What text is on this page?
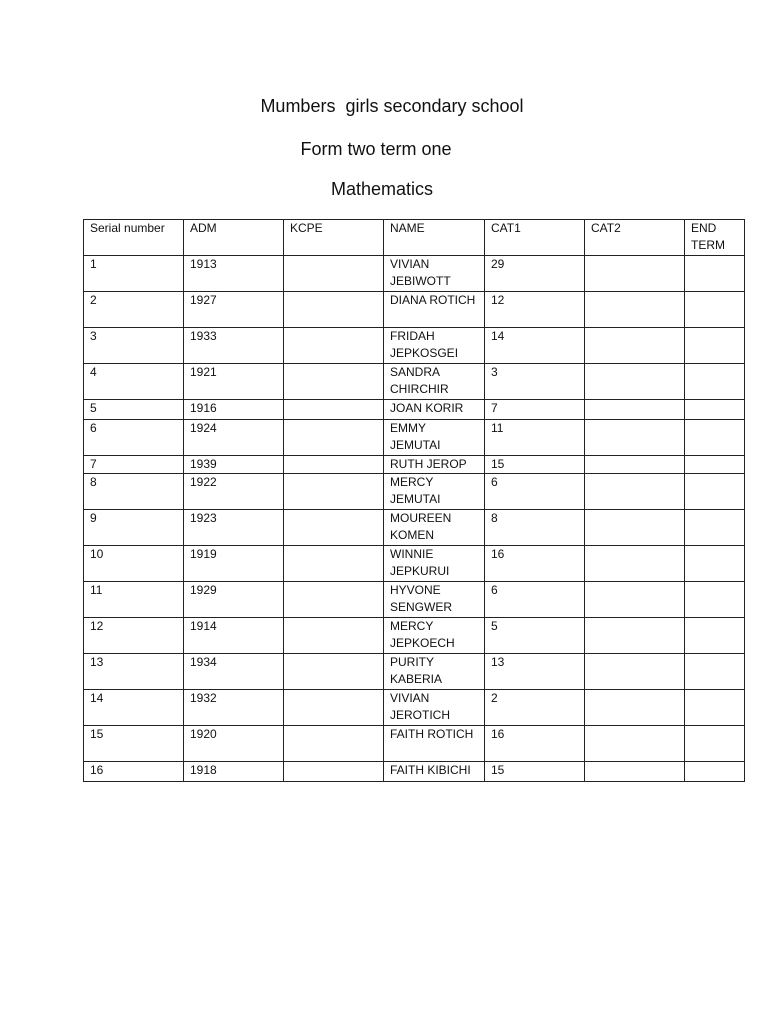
Mumbers  girls secondary school
Form two term one
Mathematics
Serial number	ADM	KCPE	NAME	CAT1	CAT2	END TERM
1	1913		VIVIAN JEBIWOTT	29		
2	1927		DIANA ROTICH	12		
3	1933		FRIDAH JEPKOSGEI	14		
4	1921		SANDRA CHIRCHIR	3		
5	1916		JOAN KORIR	7		
6	1924		EMMY JEMUTAI	11		
7	1939		RUTH JEROP	15		
8	1922		MERCY JEMUTAI	6		
9	1923		MOUREEN KOMEN	8		
10	1919		WINNIE JEPKURUI	16		
11	1929		HYVONE SENGWER	6		
12	1914		MERCY JEPKOECH	5		
13	1934		PURITY KABERIA	13		
14	1932		VIVIAN JEROTICH	2		
15	1920		FAITH ROTICH	16		
16	1918		FAITH KIBICHI	15		
